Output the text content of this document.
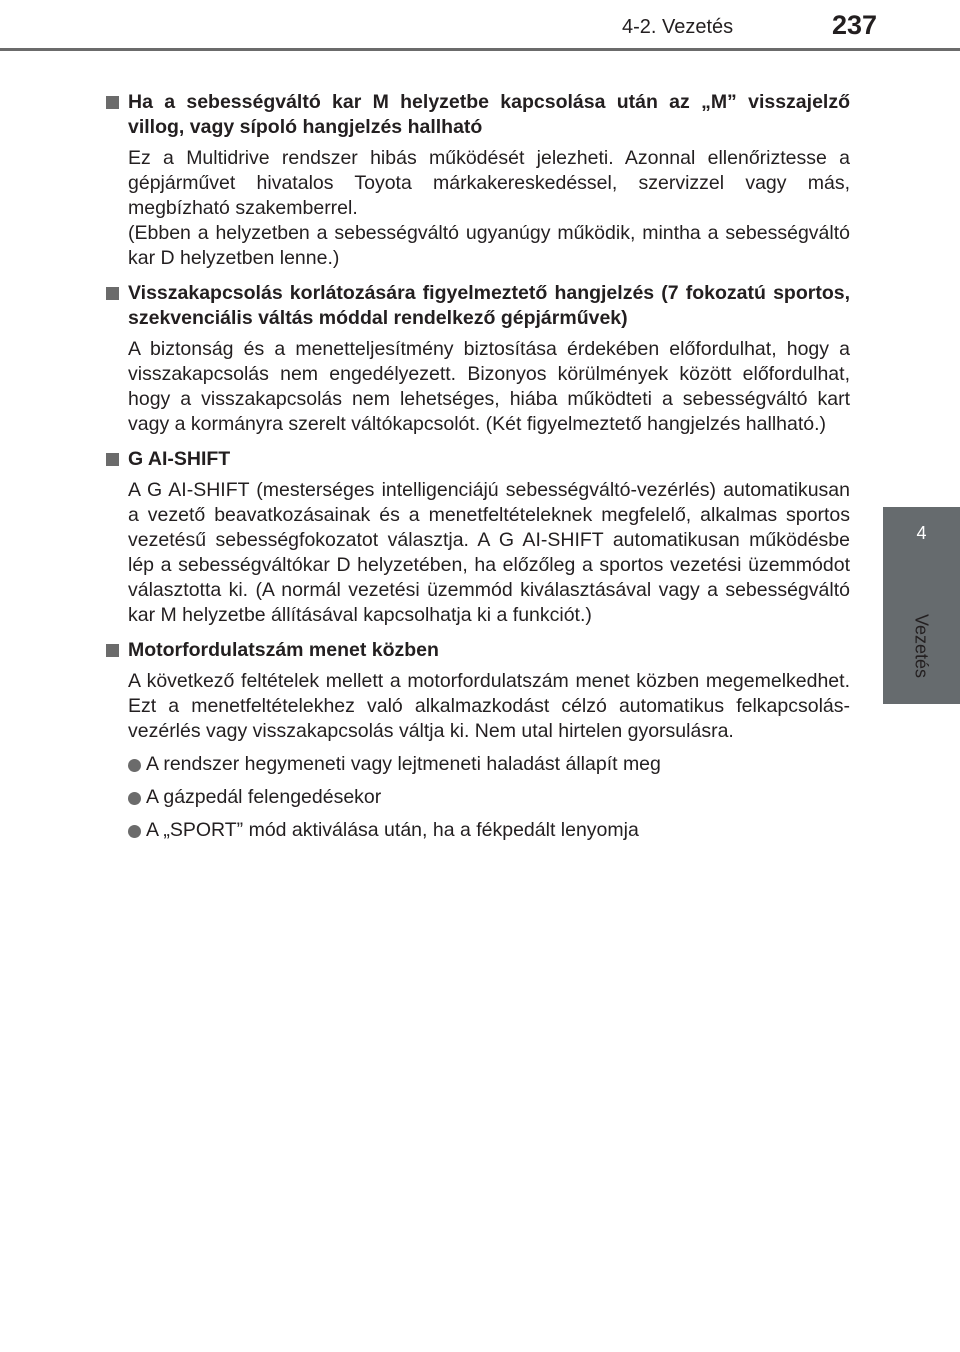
4-2. Vezetés	237
4
Vezetés
Ha a sebességváltó kar M helyzetbe kapcsolása után az „M” visszajelző villog, vagy sípoló hangjelzés hallható

Ez a Multidrive rendszer hibás működését jelezheti. Azonnal ellenőriztesse a gépjárművet hivatalos Toyota márkakereskedéssel, szervizzel vagy más, megbízható szakemberrel.

(Ebben a helyzetben a sebességváltó ugyanúgy működik, mintha a sebességváltó kar D helyzetben lenne.)

Visszakapcsolás korlátozására figyelmeztető hangjelzés (7 fokozatú sportos, szekvenciális váltás móddal rendelkező gépjárművek)

A biztonság és a menetteljesítmény biztosítása érdekében előfordulhat, hogy a visszakapcsolás nem engedélyezett. Bizonyos körülmények között előfordulhat, hogy a visszakapcsolás nem lehetséges, hiába működteti a sebességváltó kart vagy a kormányra szerelt váltókapcsolót. (Két figyelmeztető hangjelzés hallható.)

G AI-SHIFT

A G AI-SHIFT (mesterséges intelligenciájú sebességváltó-vezérlés) automatikusan a vezető beavatkozásainak és a menetfeltételeknek megfelelő, alkalmas sportos vezetésű sebességfokozatot választja. A G AI-SHIFT automatikusan működésbe lép a sebességváltókar D helyzetében, ha előzőleg a sportos vezetési üzemmódot választotta ki. (A normál vezetési üzemmód kiválasztásával vagy a sebességváltó kar M helyzetbe állításával kapcsolhatja ki a funkciót.)

Motorfordulatszám menet közben

A következő feltételek mellett a motorfordulatszám menet közben megemelkedhet. Ezt a menetfeltételekhez való alkalmazkodást célzó automatikus felkapcsolás-vezérlés vagy visszakapcsolás váltja ki. Nem utal hirtelen gyorsulásra.

A rendszer hegymeneti vagy lejtmeneti haladást állapít meg

A gázpedál felengedésekor

A „SPORT” mód aktiválása után, ha a fékpedált lenyomja
